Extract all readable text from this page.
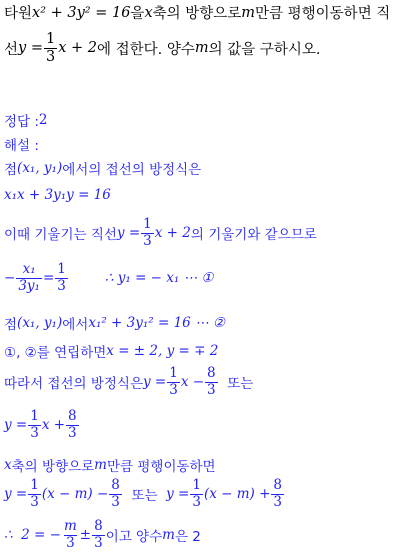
타원 x² + 3y² = 16 을 x 축의 방향으로 m 만큼 평행이동하면 직
선 $y = \frac{1}{3}$ x + 2 에 접한다. 양수 m 의 값을 구하시오.
정답 : 2
해설 :
점 (x₁, y₁) 에서의 접선의 방정식은
x₁x + 3y₁y = 16
이때 기울기는 직선 $y = \frac{1}{3}$ x + 2 의 기울기와 같으므로
− $\frac{\text{x₁}}{\text{3y₁}} = \frac{1}{3}$	∴ y₁ = − x₁ ⋯ ①
점 (x₁, y₁) 에서 x₁² + 3y₁² = 16 ⋯ ②
①, ②를 연립하면 x = ± 2, y = ∓ 2
따라서 접선의 방정식은 $y = \frac{1}{3}$ $x - \frac{8}{3}$ 또는
$y = \frac{1}{3}$ $x + \frac{8}{3}$
x 축의 방향으로 m 만큼 평행이동하면
$y = \frac{1}{3} (x - m) - \frac{8}{3}$ 또는 $y = \frac{1}{3} (x - m) + \frac{8}{3}$
∴  2 = − $\frac{m}{3} \pm \frac{8}{3}$ 이고 양수 m 은 2
